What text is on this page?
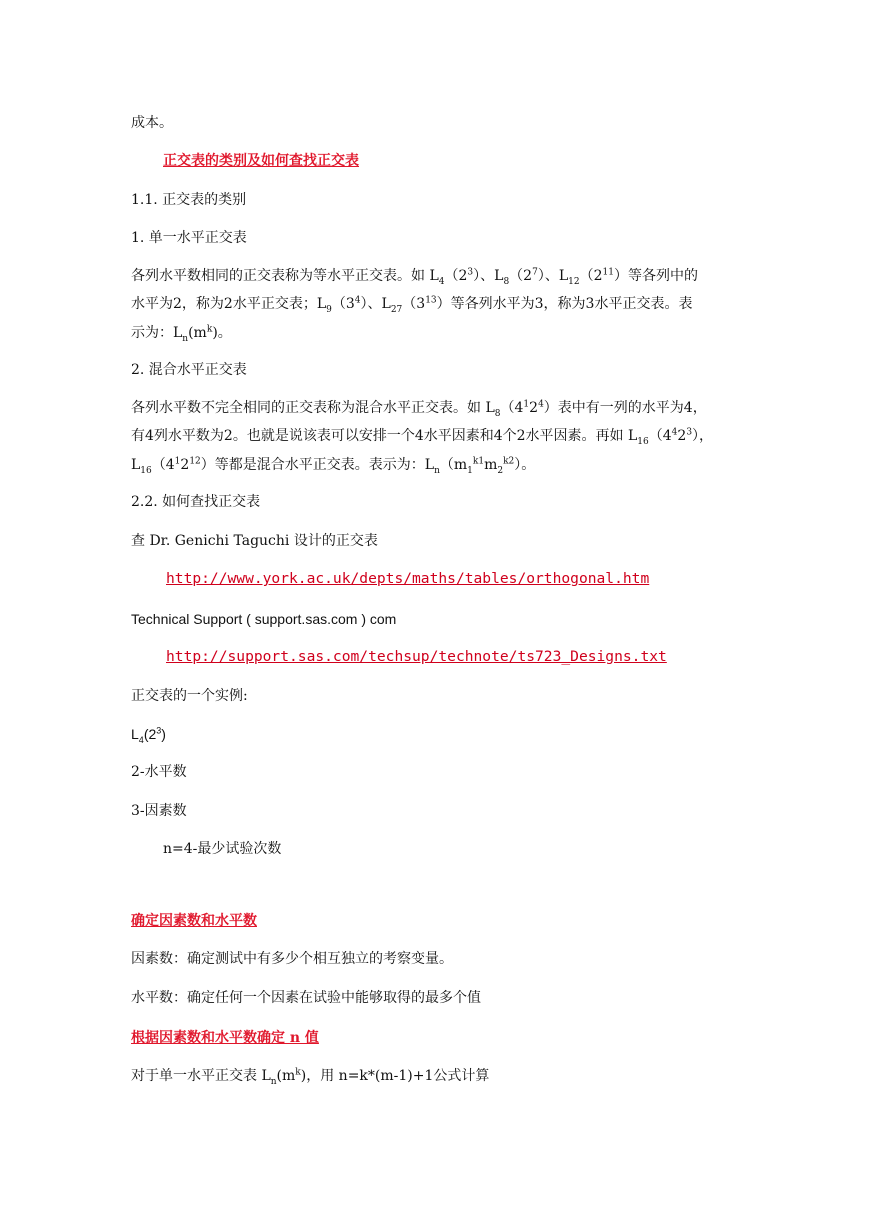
成本。
正交表的类别及如何查找正交表
1.1. 正交表的类别
1. 单一水平正交表
各列水平数相同的正交表称为等水平正交表。如 $L_4(2^3)$、$L_8(2^7)$、$L_{12}(2^{11})$等各列中的
水平为2，称为2水平正交表；$L_9(3^4)$、$L_{27}(3^{13})$等各列水平为3，称为3水平正交表。表
示为：$L_n(m^k)$。
2. 混合水平正交表
各列水平数不完全相同的正交表称为混合水平正交表。如 $L_8(4^12^4)$表中有一列的水平为4，
有4列水平数为2。也就是说该表可以安排一个4水平因素和4个2水平因素。再如 $L_{16}(4^42^3)$，
$L_{16}(4^12^{12})$等都是混合水平正交表。表示为：$L_n(m_1^{k1}m_2^{k2})$。
2.2. 如何查找正交表
查 Dr. Genichi Taguchi 设计的正交表
http://www.york.ac.uk/depts/maths/tables/orthogonal.htm
Technical Support ( support.sas.com ) com
http://support.sas.com/techsup/technote/ts723_Designs.txt
正交表的一个实例:
$L_4(2^3)$
2-水平数
3-因素数
n=4-最少试验次数
确定因素数和水平数
因素数：确定测试中有多少个相互独立的考察变量。
水平数：确定任何一个因素在试验中能够取得的最多个值
根据因素数和水平数确定 n 值
对于单一水平正交表 $L_n(m^k)$，用 n=k*(m-1)+1公式计算
